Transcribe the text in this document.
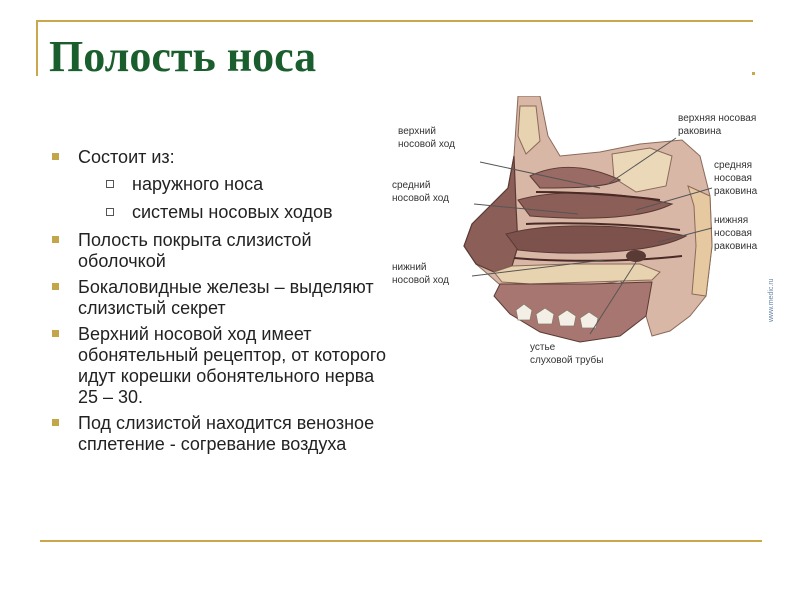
Полость носа
Состоит из:
наружного носа
системы носовых ходов
Полость покрыта слизистой оболочкой
Бокаловидные железы – выделяют слизистый секрет
Верхний носовой ход имеет обонятельный рецептор, от которого идут корешки обонятельного нерва 25 – 30.
Под слизистой находится венозное сплетение - согревание воздуха
верхний носовой ход
средний носовой ход
нижний носовой ход
верхняя носовая раковина
средняя носовая раковина
нижняя носовая раковина
устье слуховой трубы
www.medic.ru
